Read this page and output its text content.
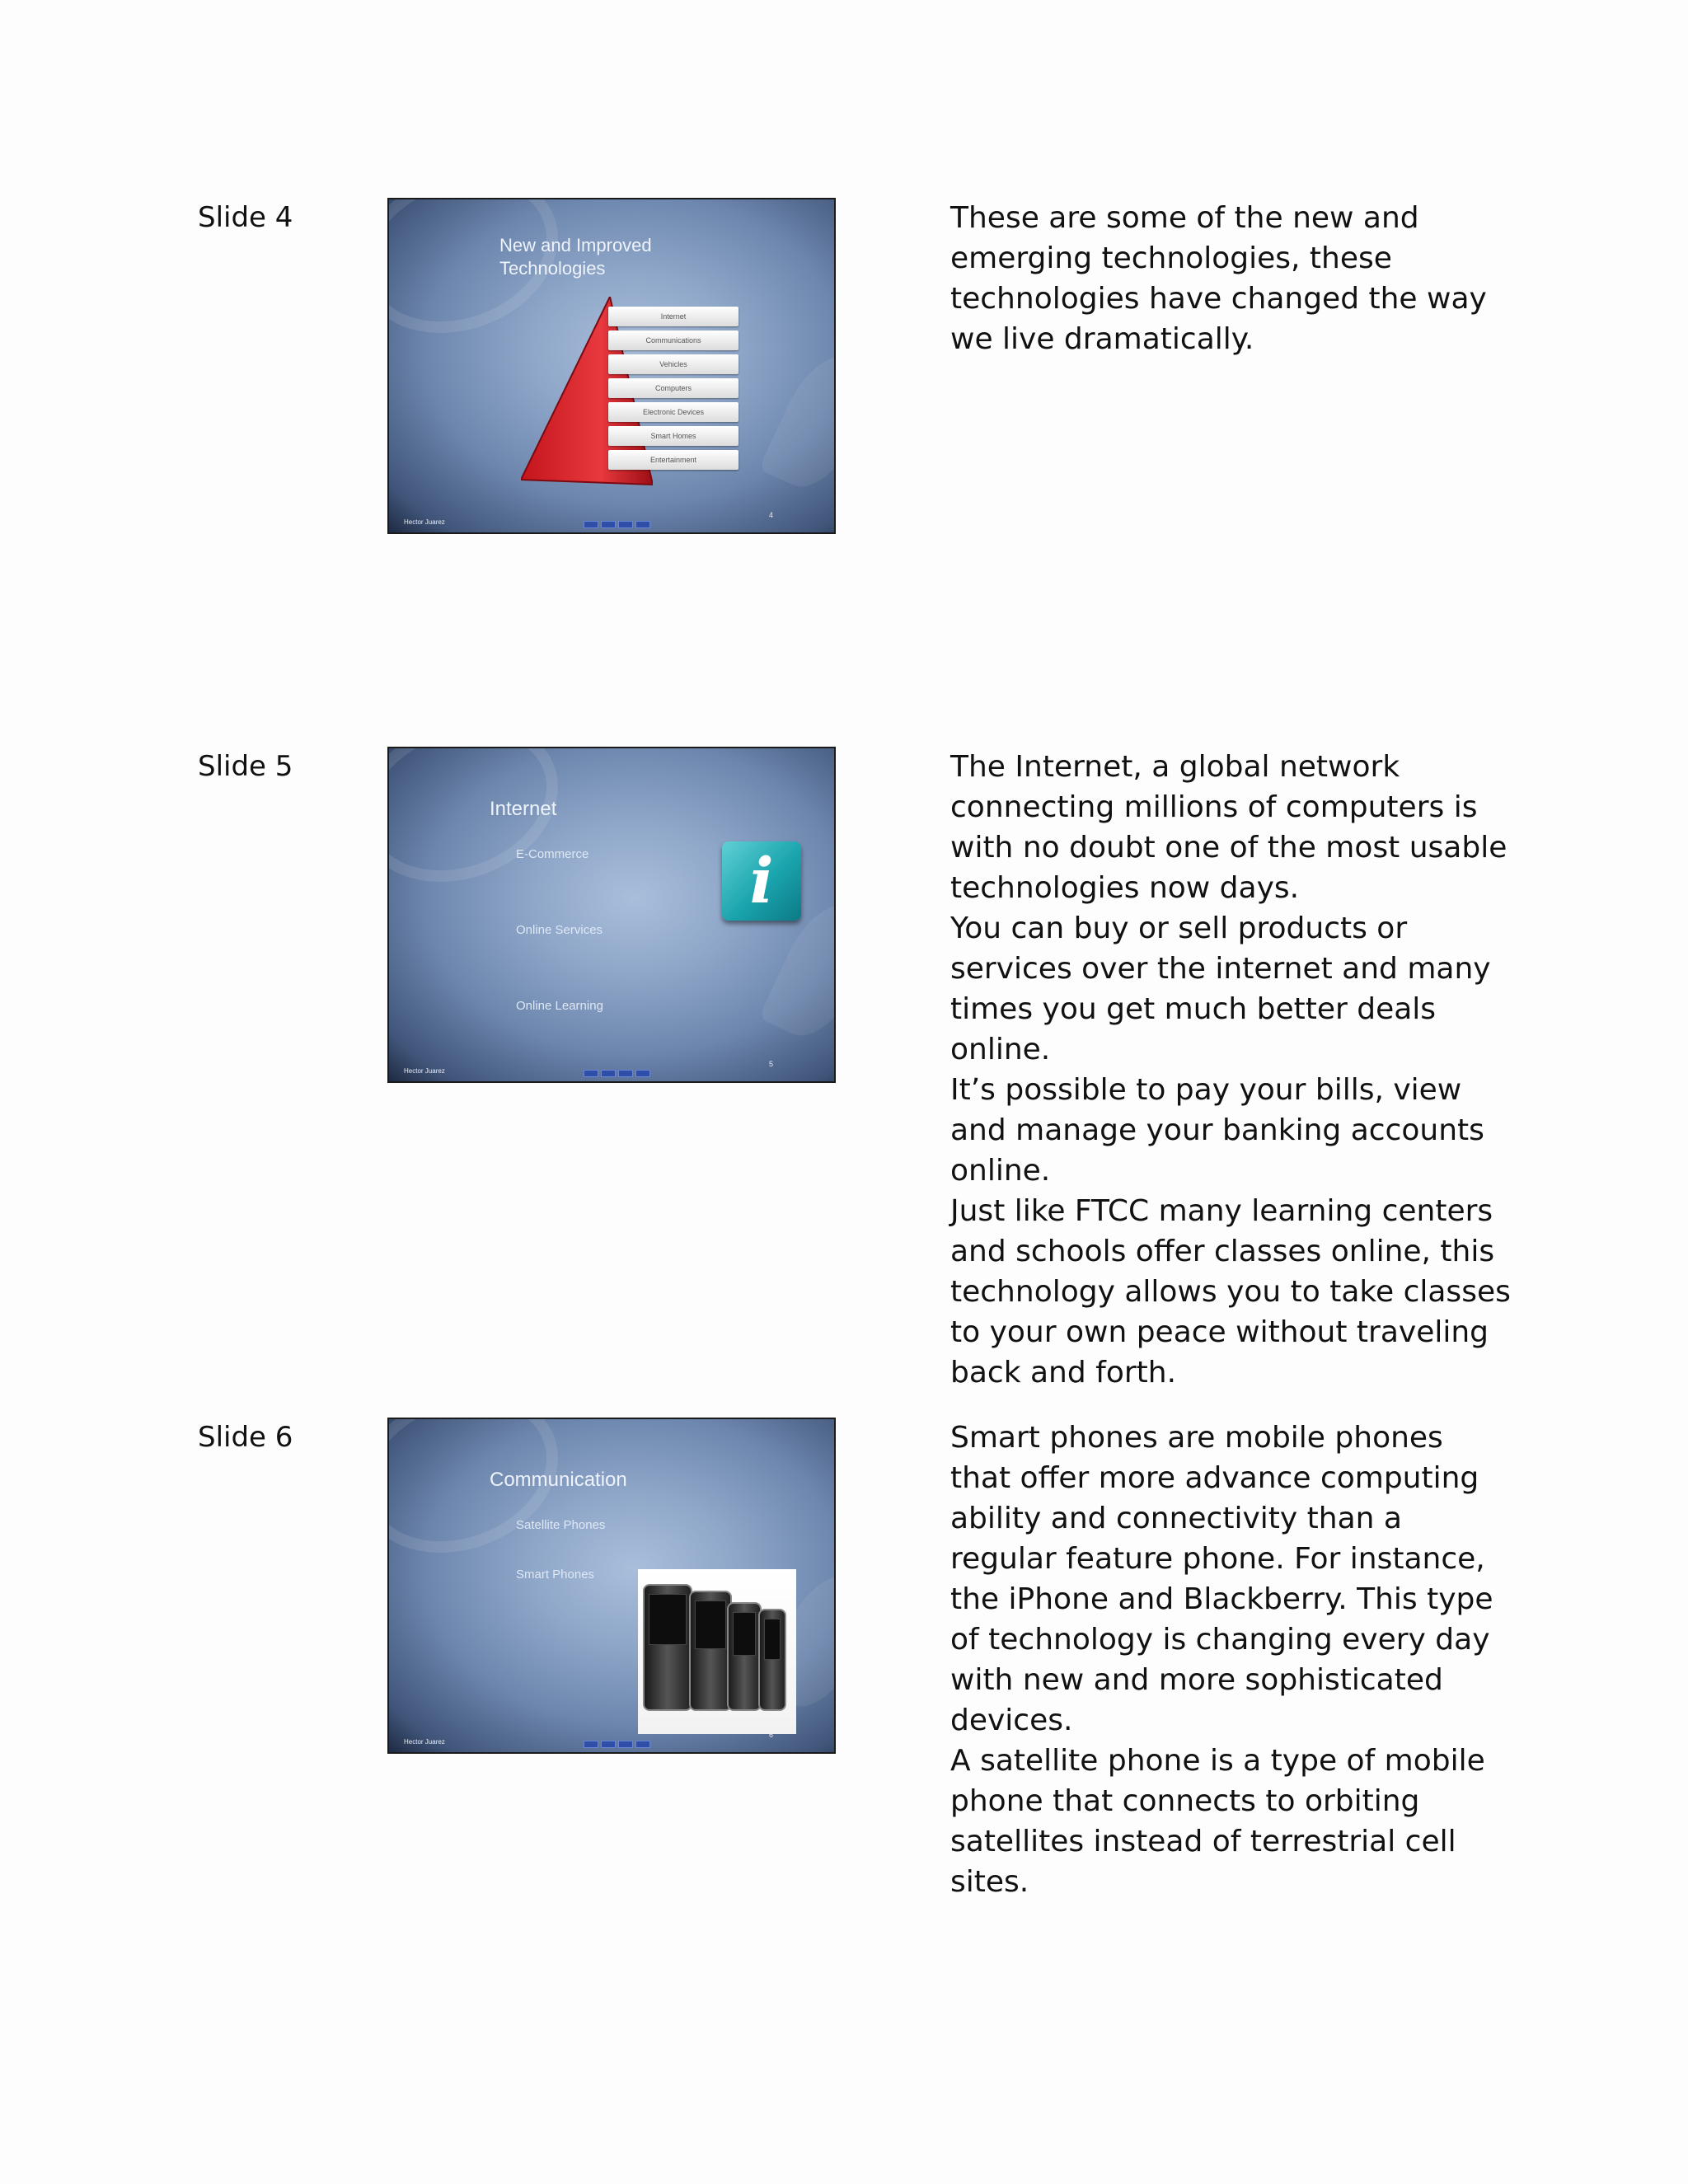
Slide 4
New and Improved
Technologies
Internet
Communications
Vehicles
Computers
Electronic Devices
Smart Homes
Entertainment
Hector Juarez
4

These are some of the new and emerging technologies, these technologies have changed the way we live dramatically.

Slide 5
Internet
E-Commerce
Online Services
Online Learning
i
Hector Juarez
5

The Internet, a global network connecting millions of computers is with no doubt one of the most usable technologies now days.

You can buy or sell products or services over the internet and many times you get much better deals online.

It’s possible to pay your bills, view and manage your banking accounts online.

Just like FTCC many learning centers and schools offer classes online, this technology allows you to take classes to your own peace without traveling back and forth.

Slide 6
Communication
Satellite Phones
Smart Phones
Hector Juarez
6

Smart phones are mobile phones that offer more advance computing ability and connectivity than a regular feature phone. For instance, the iPhone and Blackberry. This type of technology is changing every day with new and more sophisticated devices.

A satellite phone is a type of mobile phone that connects to orbiting satellites instead of terrestrial cell sites.
